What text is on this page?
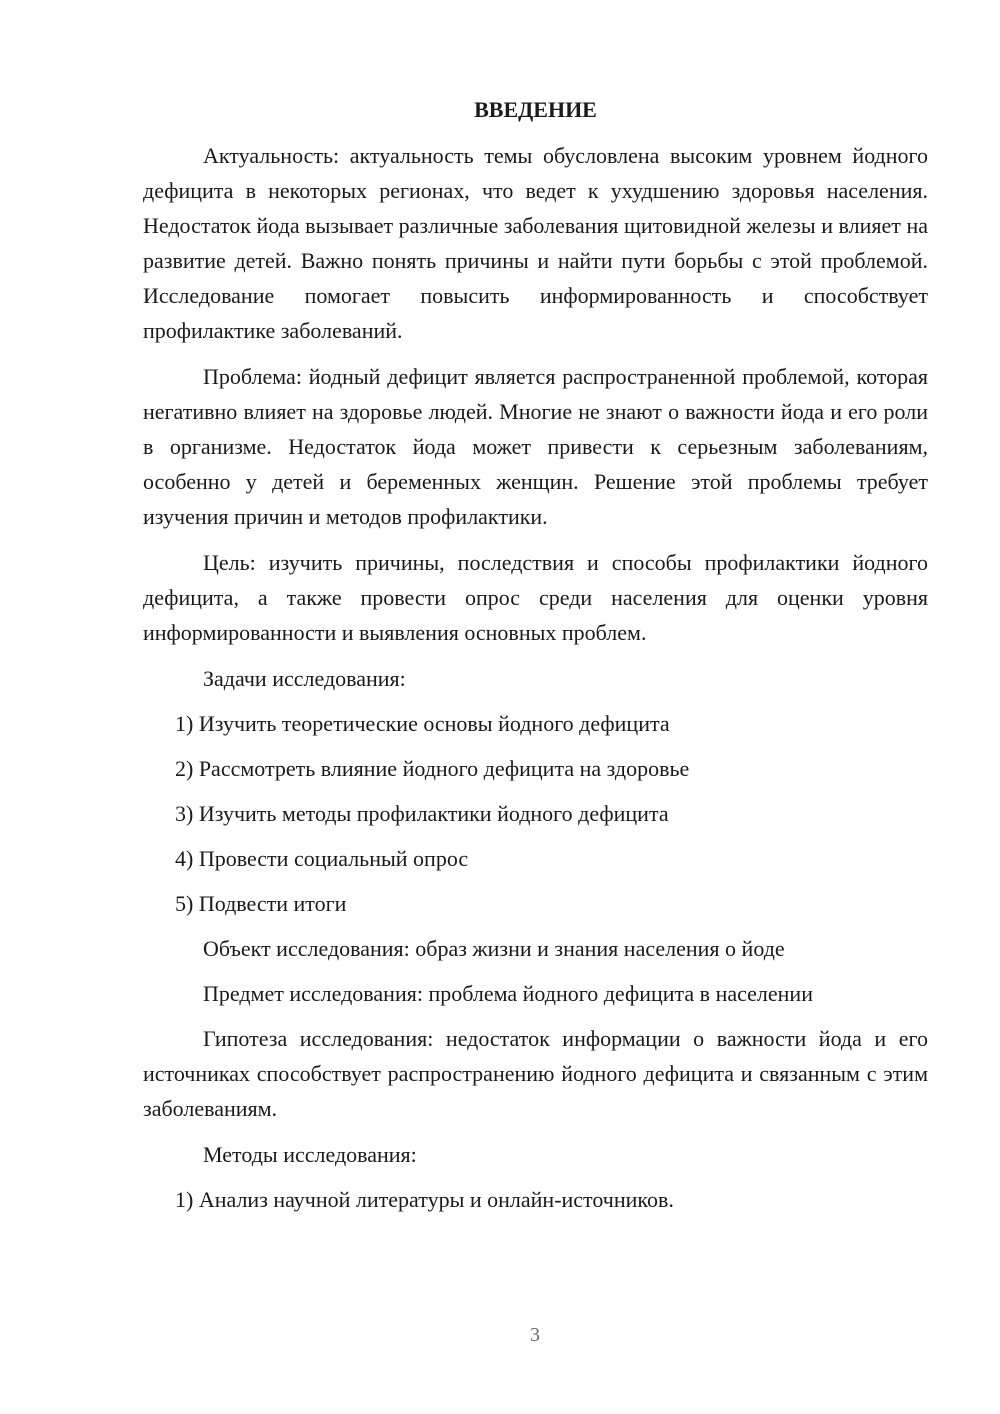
ВВЕДЕНИЕ

Актуальность: актуальность темы обусловлена высоким уровнем йодного дефицита в некоторых регионах, что ведет к ухудшению здоровья населения. Недостаток йода вызывает различные заболевания щитовидной железы и влияет на развитие детей. Важно понять причины и найти пути борьбы с этой проблемой. Исследование помогает повысить информированность и способствует профилактике заболеваний.

Проблема: йодный дефицит является распространенной проблемой, которая негативно влияет на здоровье людей. Многие не знают о важности йода и его роли в организме. Недостаток йода может привести к серьезным заболеваниям, особенно у детей и беременных женщин. Решение этой проблемы требует изучения причин и методов профилактики.

Цель: изучить причины, последствия и способы профилактики йодного дефицита, а также провести опрос среди населения для оценки уровня информированности и выявления основных проблем.

Задачи исследования:

1) Изучить теоретические основы йодного дефицита
2) Рассмотреть влияние йодного дефицита на здоровье
3) Изучить методы профилактики йодного дефицита
4) Провести социальный опрос
5) Подвести итоги

Объект исследования: образ жизни и знания населения о йоде

Предмет исследования: проблема йодного дефицита в населении

Гипотеза исследования: недостаток информации о важности йода и его источниках способствует распространению йодного дефицита и связанным с этим заболеваниям.

Методы исследования:

1) Анализ научной литературы и онлайн-источников.
3
